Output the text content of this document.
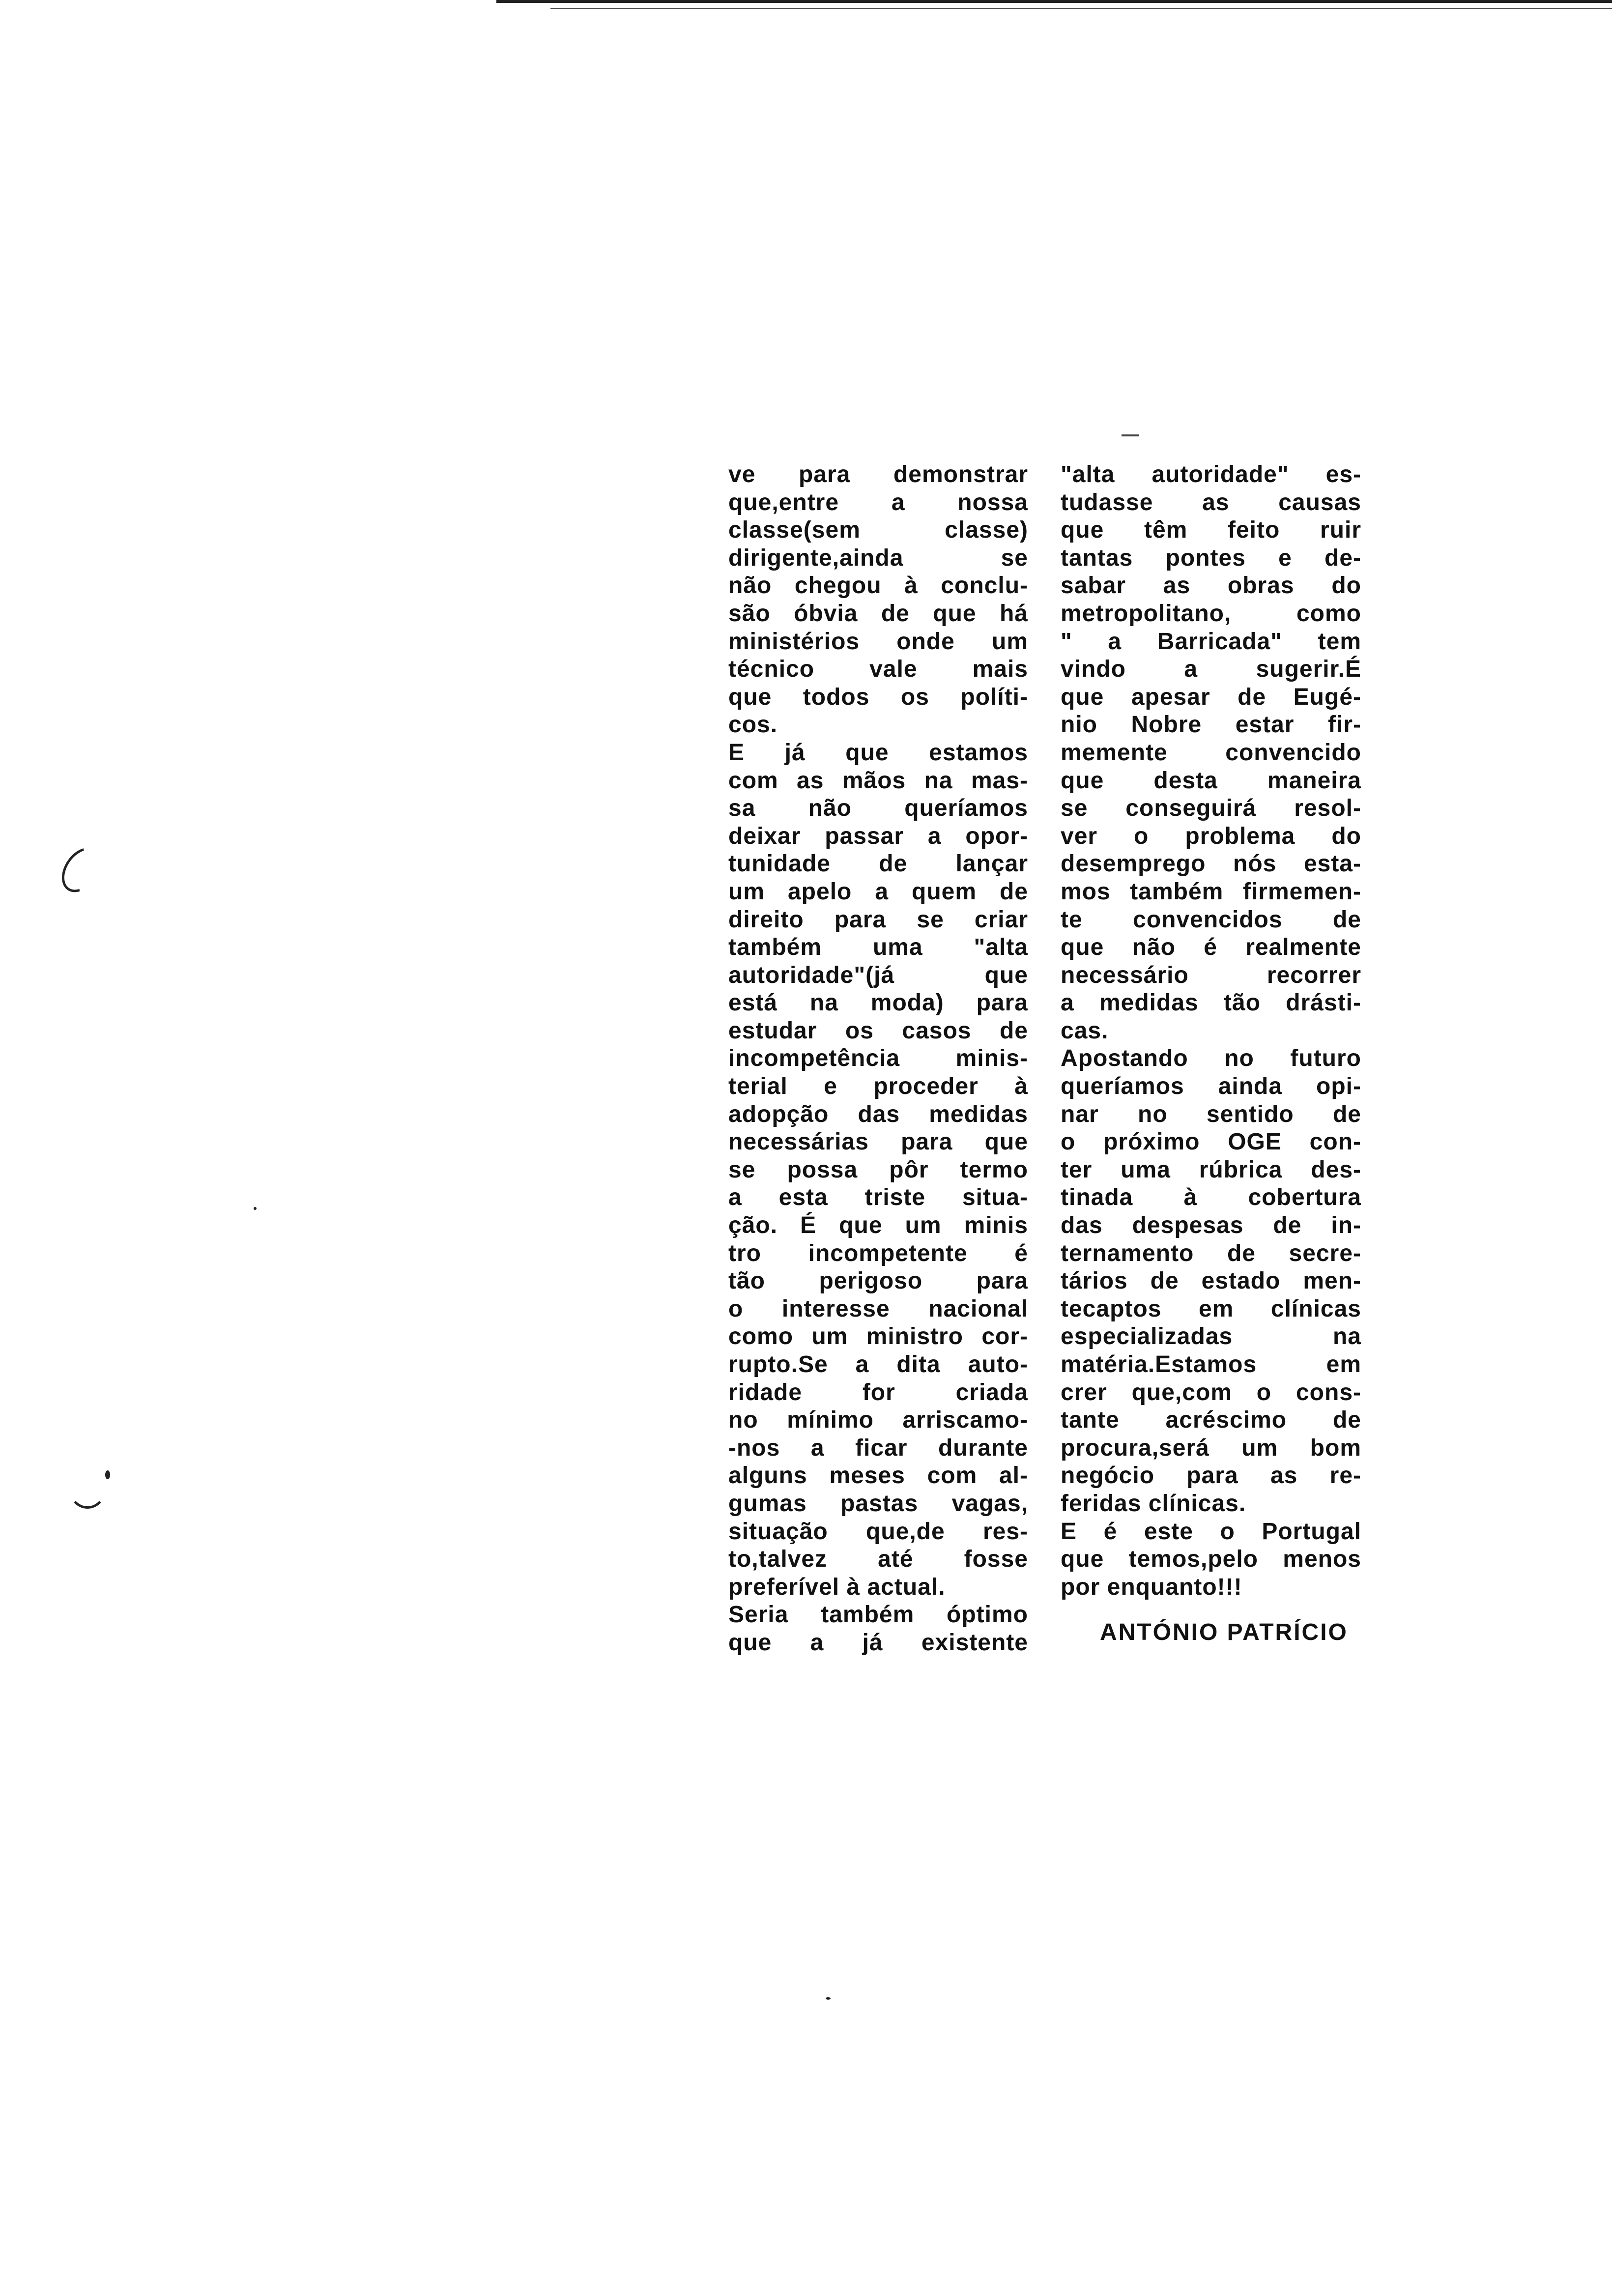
ve para demonstrar
que,entre a nossa
classe(sem classe)
dirigente,ainda se
não chegou à conclu-
são óbvia de que há
ministérios onde um
técnico vale mais
que todos os políti-
cos.
E já que estamos
com as mãos na mas-
sa não queríamos
deixar passar a opor-
tunidade de lançar
um apelo a quem de
direito para se criar
também uma "alta
autoridade"(já que
está na moda) para
estudar os casos de
incompetência minis-
terial e proceder à
adopção das medidas
necessárias para que
se possa pôr termo
a esta triste situa-
ção. É que um minis
tro incompetente é
tão perigoso para
o interesse nacional
como um ministro cor-
rupto.Se a dita auto-
ridade for criada
no mínimo arriscamo-
-nos a ficar durante
alguns meses com al-
gumas pastas vagas,
situação que,de res-
to,talvez até fosse
preferível à actual.
Seria também óptimo
que a já existente
"alta autoridade" es-
tudasse as causas
que têm feito ruir
tantas pontes e de-
sabar as obras do
metropolitano, como
" a Barricada" tem
vindo a sugerir.É
que apesar de Eugé-
nio Nobre estar fir-
memente convencido
que desta maneira
se conseguirá resol-
ver o problema do
desemprego nós esta-
mos também firmemen-
te convencidos de
que não é realmente
necessário recorrer
a medidas tão drásti-
cas.
Apostando no futuro
queríamos ainda opi-
nar no sentido de
o próximo OGE con-
ter uma rúbrica des-
tinada à cobertura
das despesas de in-
ternamento de secre-
tários de estado men-
tecaptos em clínicas
especializadas na
matéria.Estamos em
crer que,com o cons-
tante acréscimo de
procura,será um bom
negócio para as re-
feridas clínicas.
E é este o Portugal
que temos,pelo menos
por enquanto!!!
ANTÓNIO PATRÍCIO
